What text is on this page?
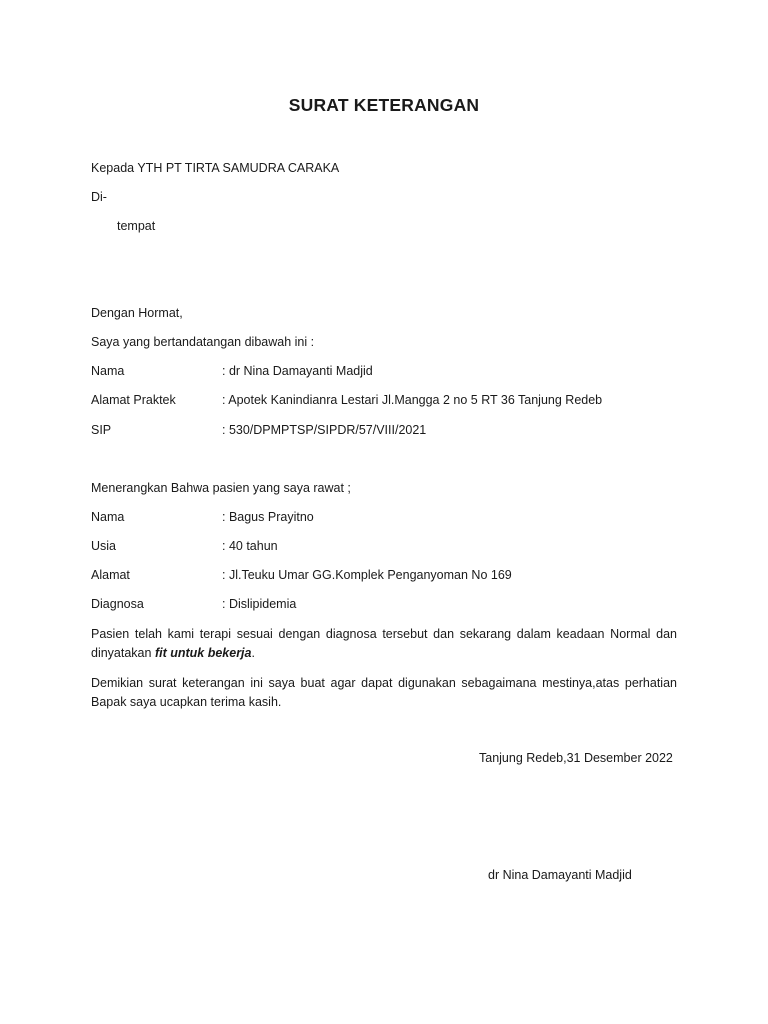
SURAT KETERANGAN
Kepada YTH PT TIRTA SAMUDRA CARAKA
Di-
tempat
Dengan Hormat,
Saya yang bertandatangan dibawah ini :
Nama	: dr Nina Damayanti Madjid
Alamat Praktek	: Apotek Kanindianra Lestari Jl.Mangga 2 no 5 RT 36 Tanjung Redeb
SIP	: 530/DPMPTSP/SIPDR/57/VIII/2021
Menerangkan Bahwa pasien yang saya rawat ;
Nama	: Bagus Prayitno
Usia	: 40 tahun
Alamat	: Jl.Teuku Umar GG.Komplek Penganyoman No 169
Diagnosa	: Dislipidemia
Pasien telah kami terapi sesuai dengan diagnosa tersebut dan sekarang dalam keadaan Normal dan dinyatakan fit untuk bekerja.
Demikian surat keterangan ini saya buat agar dapat digunakan sebagaimana mestinya,atas perhatian Bapak saya ucapkan terima kasih.
Tanjung Redeb,31 Desember 2022
dr Nina Damayanti Madjid
